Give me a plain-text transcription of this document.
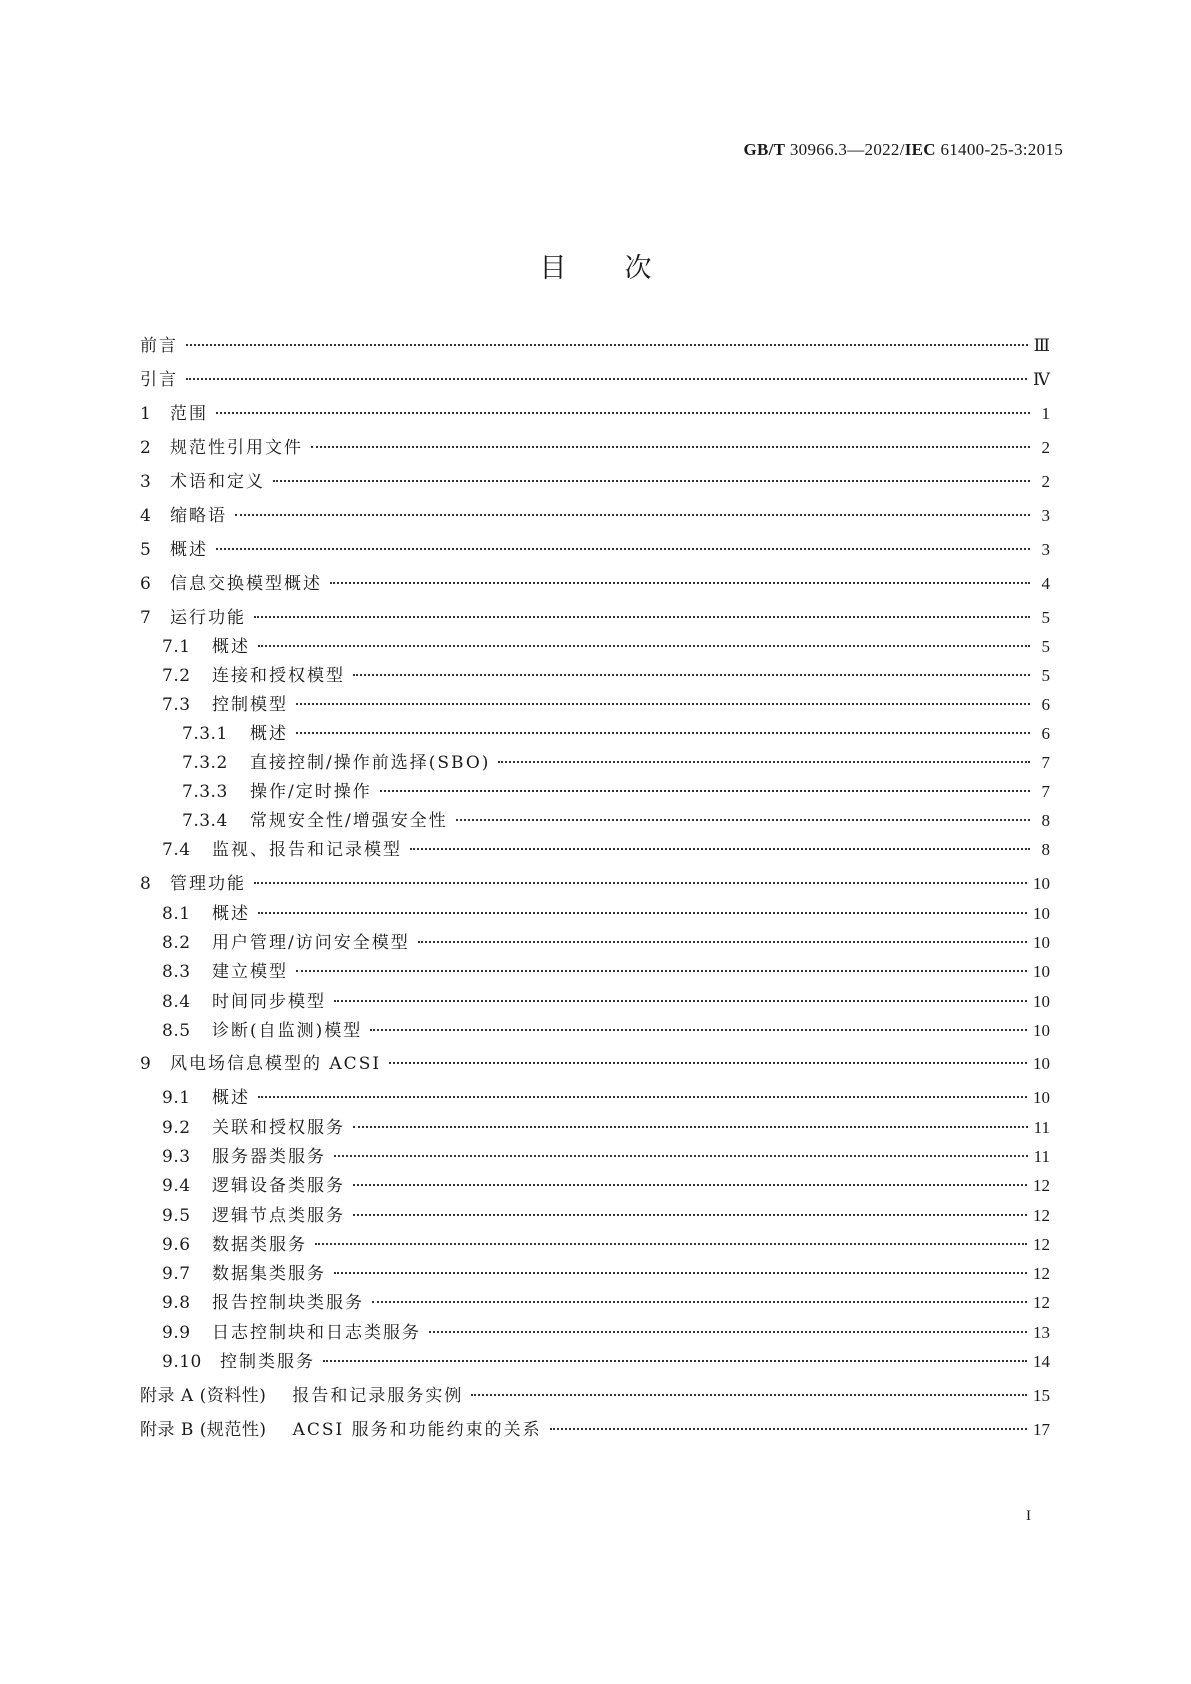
GB/T 30966.3—2022/IEC 61400-25-3:2015
目 次
前言	Ⅲ
引言	Ⅳ
1	范围	1
2	规范性引用文件	2
3	术语和定义	2
4	缩略语	3
5	概述	3
6	信息交换模型概述	4
7	运行功能	5
7.1	概述	5
7.2	连接和授权模型	5
7.3	控制模型	6
7.3.1	概述	6
7.3.2	直接控制/操作前选择(SBO)	7
7.3.3	操作/定时操作	7
7.3.4	常规安全性/增强安全性	8
7.4	监视、报告和记录模型	8
8	管理功能	10
8.1	概述	10
8.2	用户管理/访问安全模型	10
8.3	建立模型	10
8.4	时间同步模型	10
8.5	诊断(自监测)模型	10
9	风电场信息模型的 ACSI	10
9.1	概述	10
9.2	关联和授权服务	11
9.3	服务器类服务	11
9.4	逻辑设备类服务	12
9.5	逻辑节点类服务	12
9.6	数据类服务	12
9.7	数据集类服务	12
9.8	报告控制块类服务	12
9.9	日志控制块和日志类服务	13
9.10	控制类服务	14
附录 A (资料性) 报告和记录服务实例	15
附录 B (规范性) ACSI 服务和功能约束的关系	17
I
